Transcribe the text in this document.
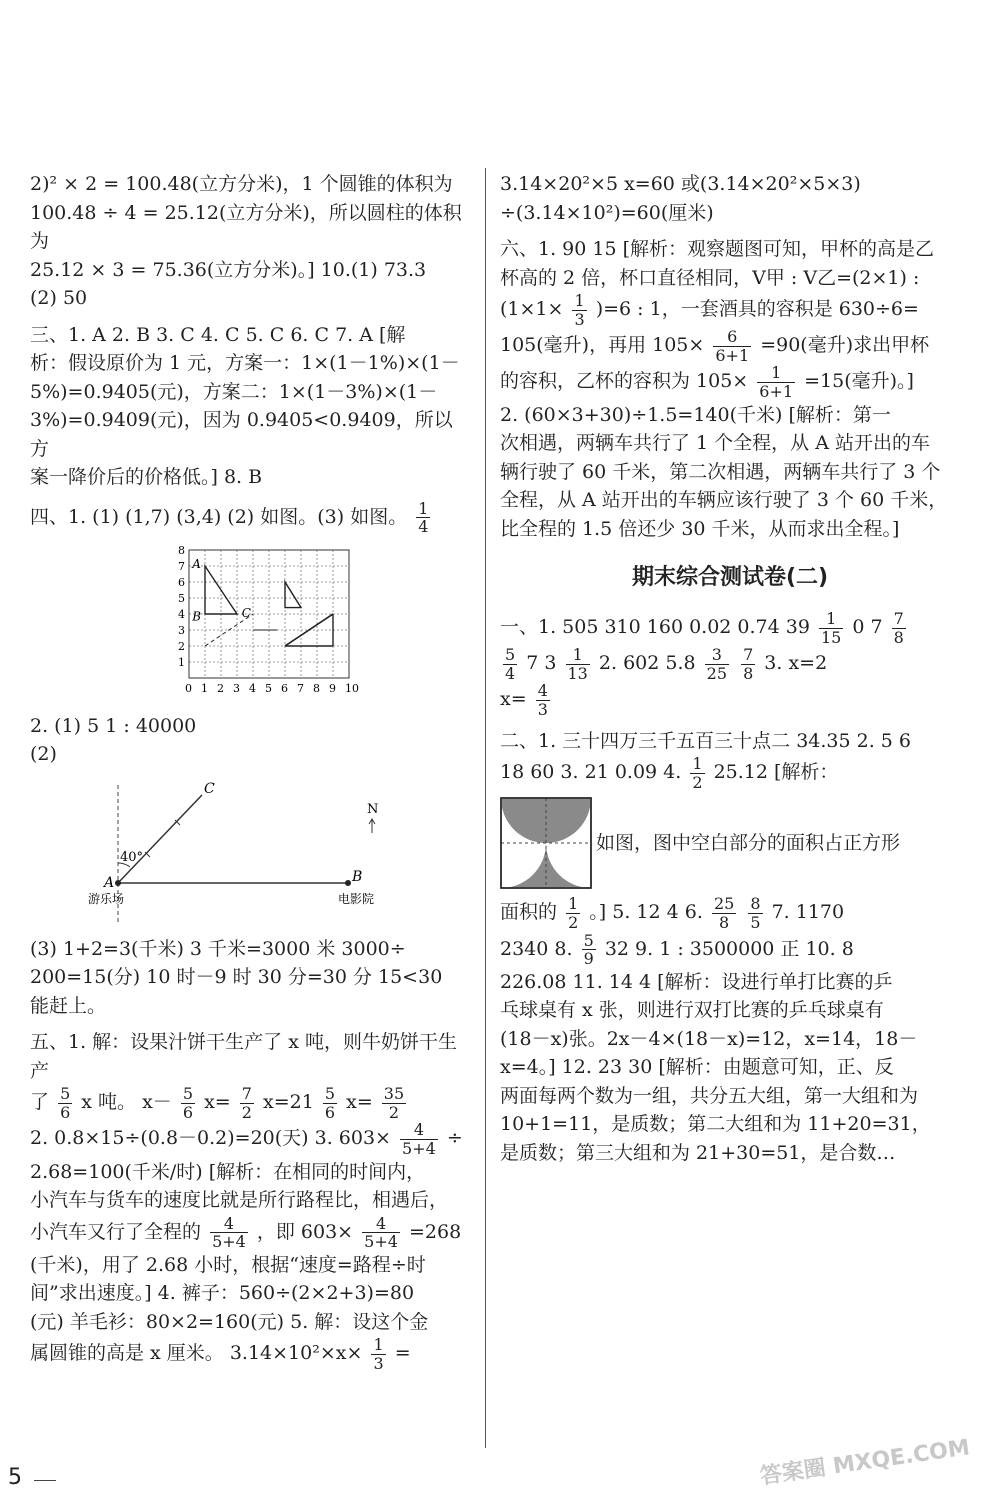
2)² × 2 = 100.48(立方分米)，1 个圆锥的体积为
100.48 ÷ 4 = 25.12(立方分米)，所以圆柱的体积为
25.12 × 3 = 75.36(立方分米)。] 10.(1) 73.3
(2) 50
三、1. A 2. B 3. C 4. C 5. C 6. C 7. A [解
析：假设原价为 1 元，方案一：1×(1－1%)×(1－
5%)=0.9405(元)，方案二：1×(1－3%)×(1－
3%)=0.9409(元)，因为 0.9405<0.9409，所以方
案一降价后的价格低。] 8. B
四、1. (1) (1,7) (3,4) (2) 如图。(3) 如图。 $\frac{1}{4}$
0 1 2 3 4 5 6 7 8 9 10
1
2
3
4
5
6
7
8
A
B	C
2. (1) 5 1 : 40000
(2)
C
A	B
40°
N
游乐场	电影院
(3) 1+2=3(千米) 3 千米=3000 米 3000÷
200=15(分) 10 时－9 时 30 分=30 分 15<30
能赶上。
五、1. 解：设果汁饼干生产了 x 吨，则牛奶饼干生产
了 $\frac{5}{6}$ x 吨。 $x- \frac{5}{6} x= \frac{7}{2} x=21 \frac{5}{6} x= \frac{35}{2}$
2. 0.8×15÷(0.8－0.2)=20(天) 3. $603\times \frac{4}{5+4}$ ÷
2.68=100(千米/时) [解析：在相同的时间内，
小汽车与货车的速度比就是所行路程比，相遇后，
小汽车又行了全程的 $\frac{4}{5+4}$ ，即 $603\times \frac{4}{5+4} =268$
(千米)，用了 2.68 小时，根据“速度=路程÷时
间”求出速度。] 4. 裤子：560÷(2×2+3)=80
(元) 羊毛衫：80×2=160(元) 5. 解：设这个金
属圆锥的高是 x 厘米。 $3.14\times 10^2\times x\times \frac{1}{3}$ =
3.14×20²×5 x=60 或(3.14×20²×5×3)
÷(3.14×10²)=60(厘米)
六、1. 90 15 [解析：观察题图可知，甲杯的高是乙
杯高的 2 倍，杯口直径相同，V甲 : V乙=(2×1) :
$(1\times 1\times \frac{1}{3} )=6$ : 1，一套酒具的容积是 630÷6=
105(毫升)，再用 $105\times \frac{6}{6+1} =90$(毫升)求出甲杯
的容积，乙杯的容积为 $105\times \frac{1}{6+1} =15$(毫升)。]
2. (60×3+30)÷1.5=140(千米) [解析：第一
次相遇，两辆车共行了 1 个全程，从 A 站开出的车
辆行驶了 60 千米，第二次相遇，两辆车共行了 3 个
全程，从 A 站开出的车辆应该行驶了 3 个 60 千米，
比全程的 1.5 倍还少 30 千米，从而求出全程。]
期末综合测试卷(二)
一、1. 505 310 160 0.02 0.74 $39 \frac{1}{15} 0$ $7 \frac{7}{8}$
$\frac{5}{4} 7$ $3 \frac{1}{13} 2$. 602 $5.8 \frac{3}{25}$
$\frac{7}{8} 3$. x=2
$x= \frac{4}{3}$
二、1. 三十四万三千五百三十点二 34.35 2. 5 6
18 60 3. 21 0.09 4. $\frac{1}{2} 25.12$ [解析：
如图，图中空白部分的面积占正方形
面积的 $\frac{1}{2}$ 。] 5. 12 4 6. $\frac{25}{8}$
$\frac{8}{5} 7$. 1170
2340 8. $\frac{5}{9} 32$ 9. 1 : 3500000 正 10. 8
226.08 11. 14 4 [解析：设进行单打比赛的乒
乓球桌有 x 张，则进行双打比赛的乒乓球桌有
(18－x)张。2x－4×(18－x)=12，x=14，18－
x=4。] 12. 23 30 [解析：由题意可知，正、反
两面每两个数为一组，共分五大组，第一大组和为
10+1=11，是质数；第二大组和为 11+20=31，
是质数；第三大组和为 21+30=51，是合数…
5	答案圈 MXQE.COM
